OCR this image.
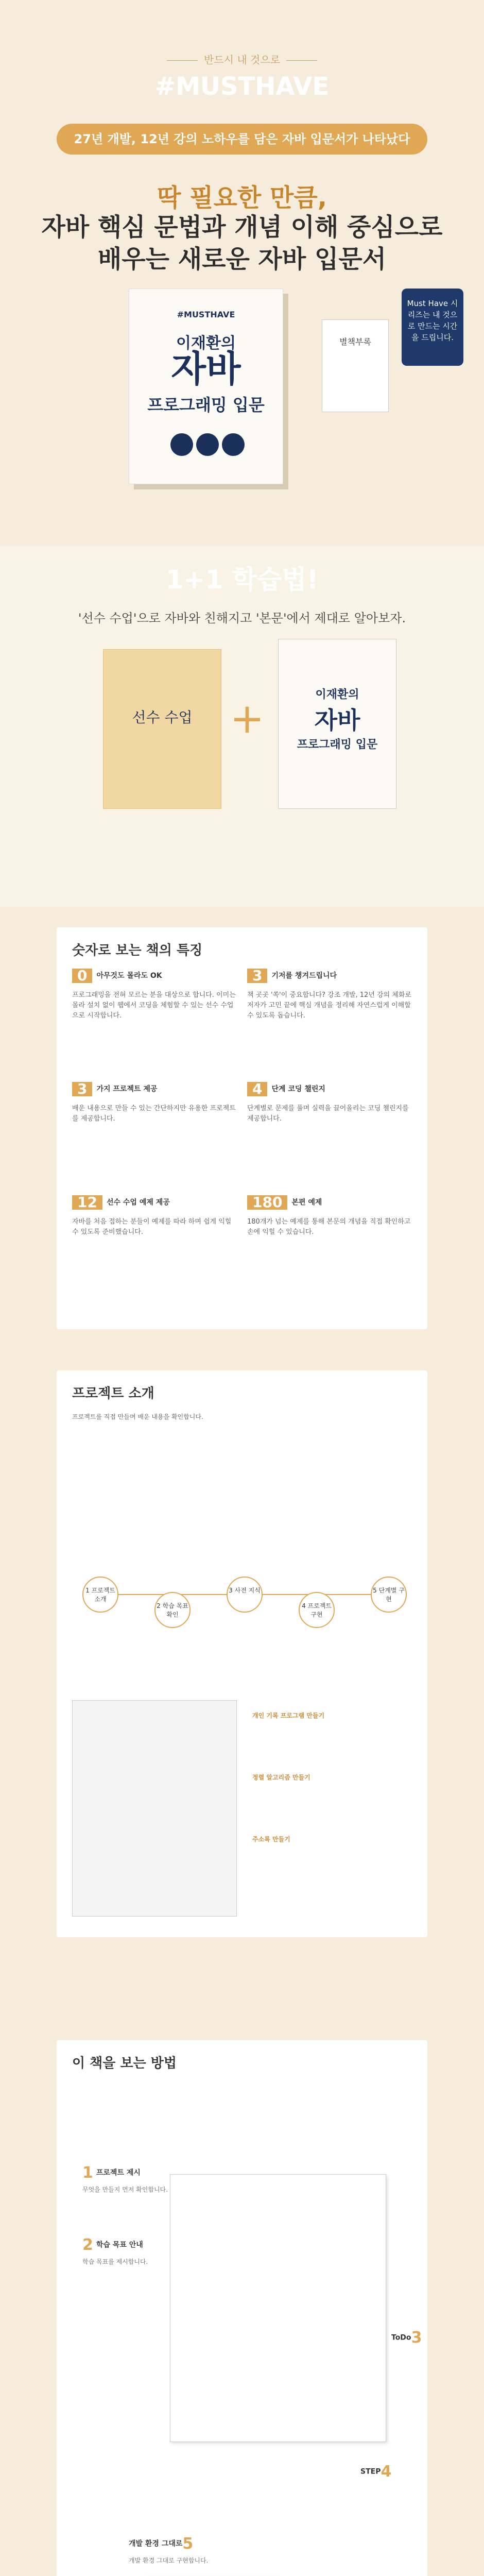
반드시 내 것으로
#MUSTHAVE
27년 개발, 12년 강의 노하우를 담은 자바 입문서가 나타났다
딱 필요한 만큼,
자바 핵심 문법과 개념 이해 중심으로
배우는 새로운 자바 입문서
#MUSTHAVE
이재환의
자바
프로그래밍 입문
별책부록
Must Have 시리즈는 내 것으로 만드는 시간을 드립니다.
1+1 학습법!
'선수 수업'으로 자바와 친해지고 '본문'에서 제대로 알아보자.
선수 수업 +	이재환의
자바
프로그래밍 입문
숫자로 보는 책의 특징
0 아무것도 몰라도 OK

프로그래밍을 전혀 모르는 분을 대상으로 합니다. 이미는 몰라 설치 없이 웹에서 코딩을 체험할 수 있는 선수 수업으로 시작합니다.

3 기저를 챙겨드립니다

책 곳곳 '쏙'이 중요합니다? 강조 개발, 12년 강의 체화로 저자가 고민 끝에 핵심 개념을 정리해 자연스럽게 이해할 수 있도록 돕습니다.

3 가지 프로젝트 제공

배운 내용으로 만들 수 있는 간단하지만 유용한 프로젝트를 제공합니다.

4 단계 코딩 챌린지

단계별로 문제를 풀며 실력을 끌어올리는 코딩 챌린지를 제공합니다.

12 선수 수업 예제 제공

자바를 처음 접하는 분들이 예제를 따라 하며 쉽게 익힐 수 있도록 준비했습니다.

180 본편 예제

180개가 넘는 예제를 통해 본문의 개념을 직접 확인하고 손에 익힐 수 있습니다.

프로젝트 소개
프로젝트를 직접 만들며 배운 내용을 확인합니다.
1 프로젝트 소개
2 학습 목표 확인
3 사전 지식
4 프로젝트 구현
5 단계별 구현
개인 기록 프로그램 만들기
정렬 알고리즘 만들기
주소록 만들기
이 책을 보는 방법
1 프로젝트 제시
무엇을 만들지 먼저 확인합니다.
2 학습 목표 안내
학습 목표를 제시합니다.
ToDo3
STEP4
개발 환경 그대로5
개발 환경 그대로 구현합니다.
